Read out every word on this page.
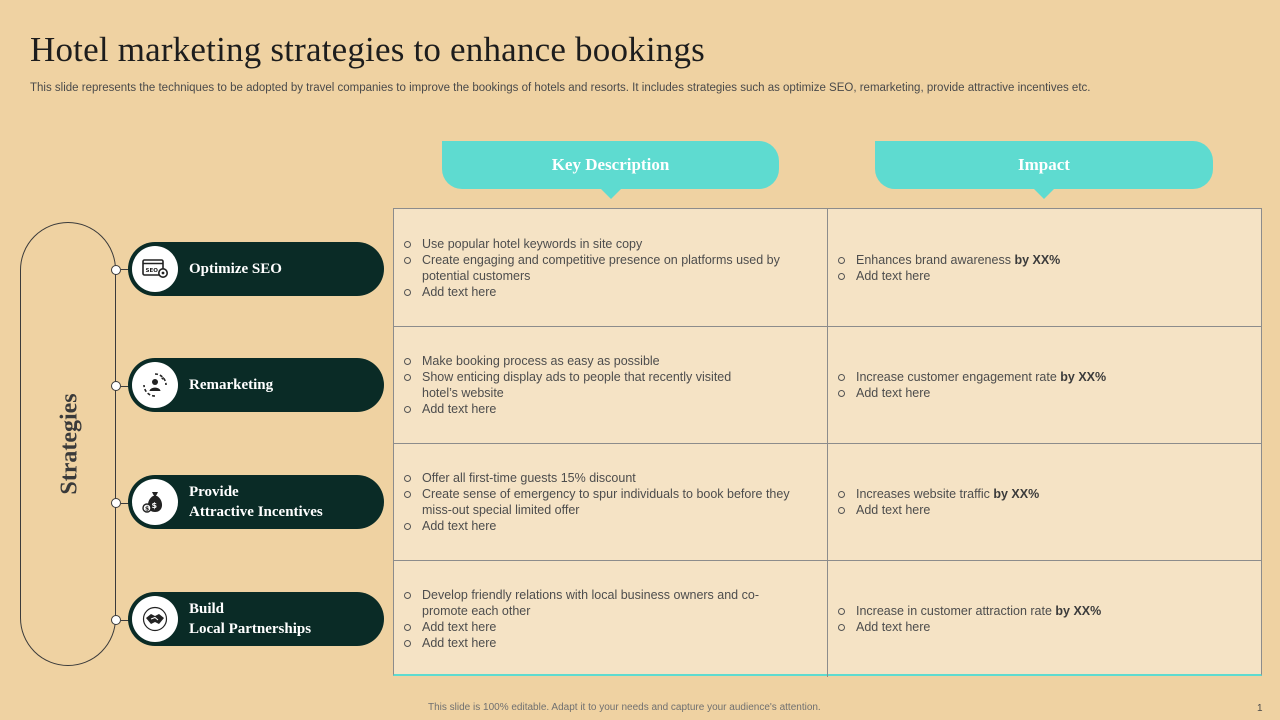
Hotel marketing strategies to enhance bookings
This slide represents the techniques to be adopted by travel companies to improve the bookings of hotels and resorts. It includes strategies such as optimize SEO, remarketing, provide attractive incentives etc.
Key Description	Impact
Strategies
SEO Optimize SEO
Remarketing
$
$
Provide
Attractive Incentives
Build
Local Partnerships
Use popular hotel keywords in site copy
Create engaging and competitive presence on platforms used by potential customers
Add text here
Enhances brand awareness by XX%
Add text here
Make booking process as easy as possible
Show enticing display ads to people that recently visited hotel’s website
Add text here
Increase customer engagement rate by XX%
Add text here
Offer all first-time guests 15% discount
Create sense of emergency to spur individuals to book before they miss-out special limited offer
Add text here
Increases website traffic by XX%
Add text here
Develop friendly relations with local business owners and co-promote each other
Add text here
Add text here
Increase in customer attraction rate by XX%
Add text here
This slide is 100% editable. Adapt it to your needs and capture your audience's attention.	1
